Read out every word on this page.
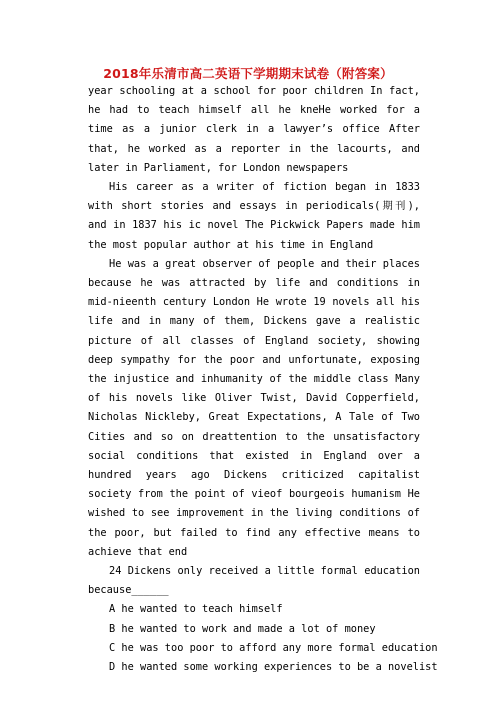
2018年乐清市高二英语下学期期末试卷（附答案）

year schooling at a school for poor children In fact, he had to teach himself all he kneHe worked for a time as a junior clerk in a lawyer’s office After that, he worked as a reporter in the lacourts, and later in Parliament, for London newspapers

His career as a writer of fiction began in 1833 with short stories and essays in periodicals(期刊), and in 1837 his ic novel The Pickwick Papers made him the most popular author at his time in England

He was a great observer of people and their places because he was attracted by life and conditions in mid-nieenth century London He wrote 19 novels all his life and in many of them, Dickens gave a realistic picture of all classes of England society, showing deep sympathy for the poor and unfortunate, exposing the injustice and inhumanity of the middle class Many of his novels like Oliver Twist, David Copperfield, Nicholas Nickleby, Great Expectations, A Tale of Two Cities and so on dreattention to the unsatisfactory social conditions that existed in England over a hundred years ago Dickens criticized capitalist society from the point of vieof bourgeois humanism He wished to see improvement in the living conditions of the poor, but failed to find any effective means to achieve that end

24 Dickens only received a little formal education because______

A he wanted to teach himself

B he wanted to work and made a lot of money

C he was too poor to afford any more formal education

D he wanted some working experiences to be a novelist
